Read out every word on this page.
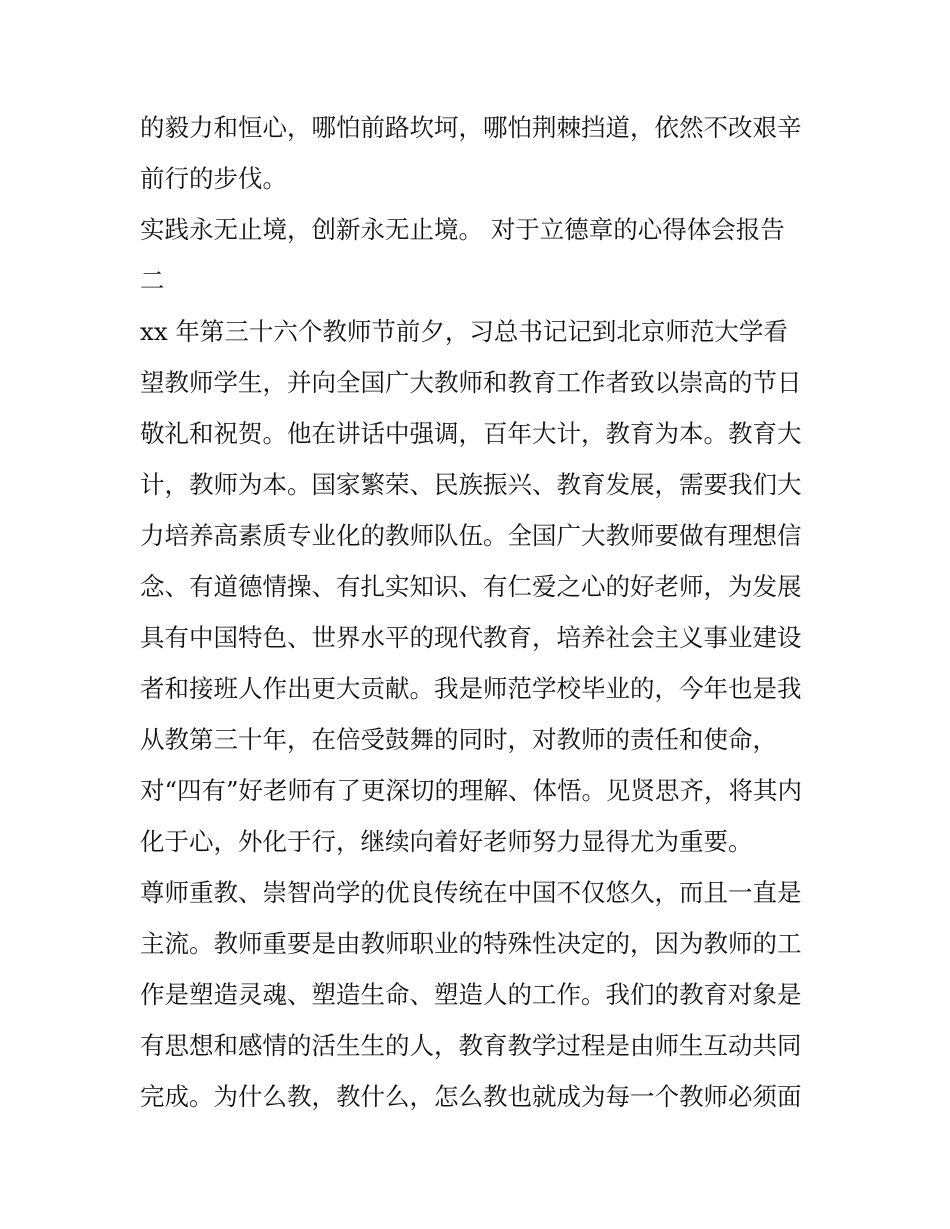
的毅力和恒心，哪怕前路坎坷，哪怕荆棘挡道，依然不改艰辛
前行的步伐。
实践永无止境，创新永无止境。 对于立德章的心得体会报告
二
xx 年第三十六个教师节前夕，习总书记记到北京师范大学看
望教师学生，并向全国广大教师和教育工作者致以崇高的节日
敬礼和祝贺。他在讲话中强调，百年大计，教育为本。教育大
计，教师为本。国家繁荣、民族振兴、教育发展，需要我们大
力培养高素质专业化的教师队伍。全国广大教师要做有理想信
念、有道德情操、有扎实知识、有仁爱之心的好老师，为发展
具有中国特色、世界水平的现代教育，培养社会主义事业建设
者和接班人作出更大贡献。我是师范学校毕业的，今年也是我
从教第三十年，在倍受鼓舞的同时，对教师的责任和使命，
对“四有”好老师有了更深切的理解、体悟。见贤思齐，将其内
化于心，外化于行，继续向着好老师努力显得尤为重要。
尊师重教、崇智尚学的优良传统在中国不仅悠久，而且一直是
主流。教师重要是由教师职业的特殊性决定的，因为教师的工
作是塑造灵魂、塑造生命、塑造人的工作。我们的教育对象是
有思想和感情的活生生的人，教育教学过程是由师生互动共同
完成。为什么教，教什么，怎么教也就成为每一个教师必须面
